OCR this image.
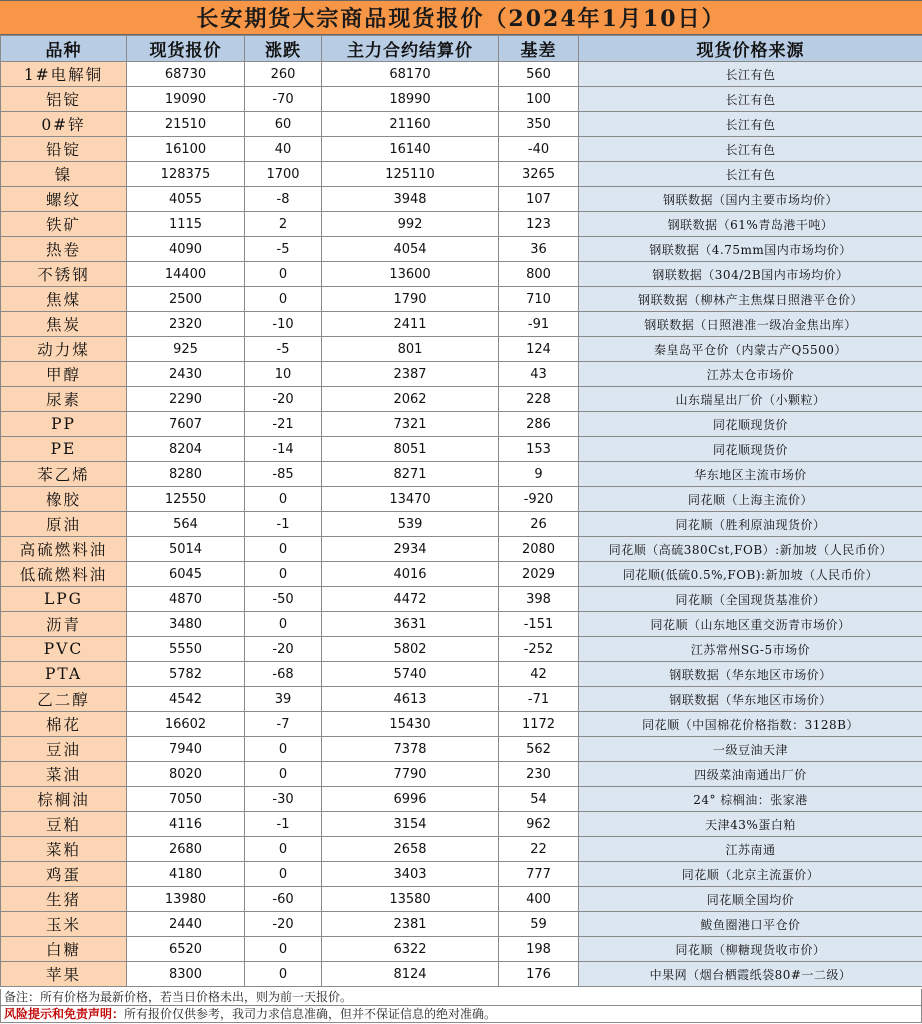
长安期货大宗商品现货报价（2024年1月10日）
品种	现货报价	涨跌	主力合约结算价	基差	现货价格来源
1#电解铜	68730	260	68170	560	长江有色
铝锭	19090	-70	18990	100	长江有色
0#锌	21510	60	21160	350	长江有色
铅锭	16100	40	16140	-40	长江有色
镍	128375	1700	125110	3265	长江有色
螺纹	4055	-8	3948	107	钢联数据（国内主要市场均价）
铁矿	1115	2	992	123	钢联数据（61%青岛港干吨）
热卷	4090	-5	4054	36	钢联数据（4.75mm国内市场均价）
不锈钢	14400	0	13600	800	钢联数据（304/2B国内市场均价）
焦煤	2500	0	1790	710	钢联数据（柳林产主焦煤日照港平仓价）
焦炭	2320	-10	2411	-91	钢联数据（日照港准一级冶金焦出库）
动力煤	925	-5	801	124	秦皇岛平仓价（内蒙古产Q5500）
甲醇	2430	10	2387	43	江苏太仓市场价
尿素	2290	-20	2062	228	山东瑞星出厂价（小颗粒）
PP	7607	-21	7321	286	同花顺现货价
PE	8204	-14	8051	153	同花顺现货价
苯乙烯	8280	-85	8271	9	华东地区主流市场价
橡胶	12550	0	13470	-920	同花顺（上海主流价）
原油	564	-1	539	26	同花顺（胜利原油现货价）
高硫燃料油	5014	0	2934	2080	同花顺（高硫380Cst,FOB）:新加坡（人民币价）
低硫燃料油	6045	0	4016	2029	同花顺(低硫0.5%,FOB):新加坡（人民币价）
LPG	4870	-50	4472	398	同花顺（全国现货基准价）
沥青	3480	0	3631	-151	同花顺（山东地区重交沥青市场价）
PVC	5550	-20	5802	-252	江苏常州SG-5市场价
PTA	5782	-68	5740	42	钢联数据（华东地区市场价）
乙二醇	4542	39	4613	-71	钢联数据（华东地区市场价）
棉花	16602	-7	15430	1172	同花顺（中国棉花价格指数：3128B）
豆油	7940	0	7378	562	一级豆油天津
菜油	8020	0	7790	230	四级菜油南通出厂价
棕榈油	7050	-30	6996	54	24° 棕榈油：张家港
豆粕	4116	-1	3154	962	天津43%蛋白粕
菜粕	2680	0	2658	22	江苏南通
鸡蛋	4180	0	3403	777	同花顺（北京主流蛋价）
生猪	13980	-60	13580	400	同花顺全国均价
玉米	2440	-20	2381	59	鲅鱼圈港口平仓价
白糖	6520	0	6322	198	同花顺（柳糖现货收市价）
苹果	8300	0	8124	176	中果网（烟台栖霞纸袋80#一二级）
备注：所有价格为最新价格，若当日价格未出，则为前一天报价。
风险提示和免责声明：所有报价仅供参考，我司力求信息准确，但并不保证信息的绝对准确。
